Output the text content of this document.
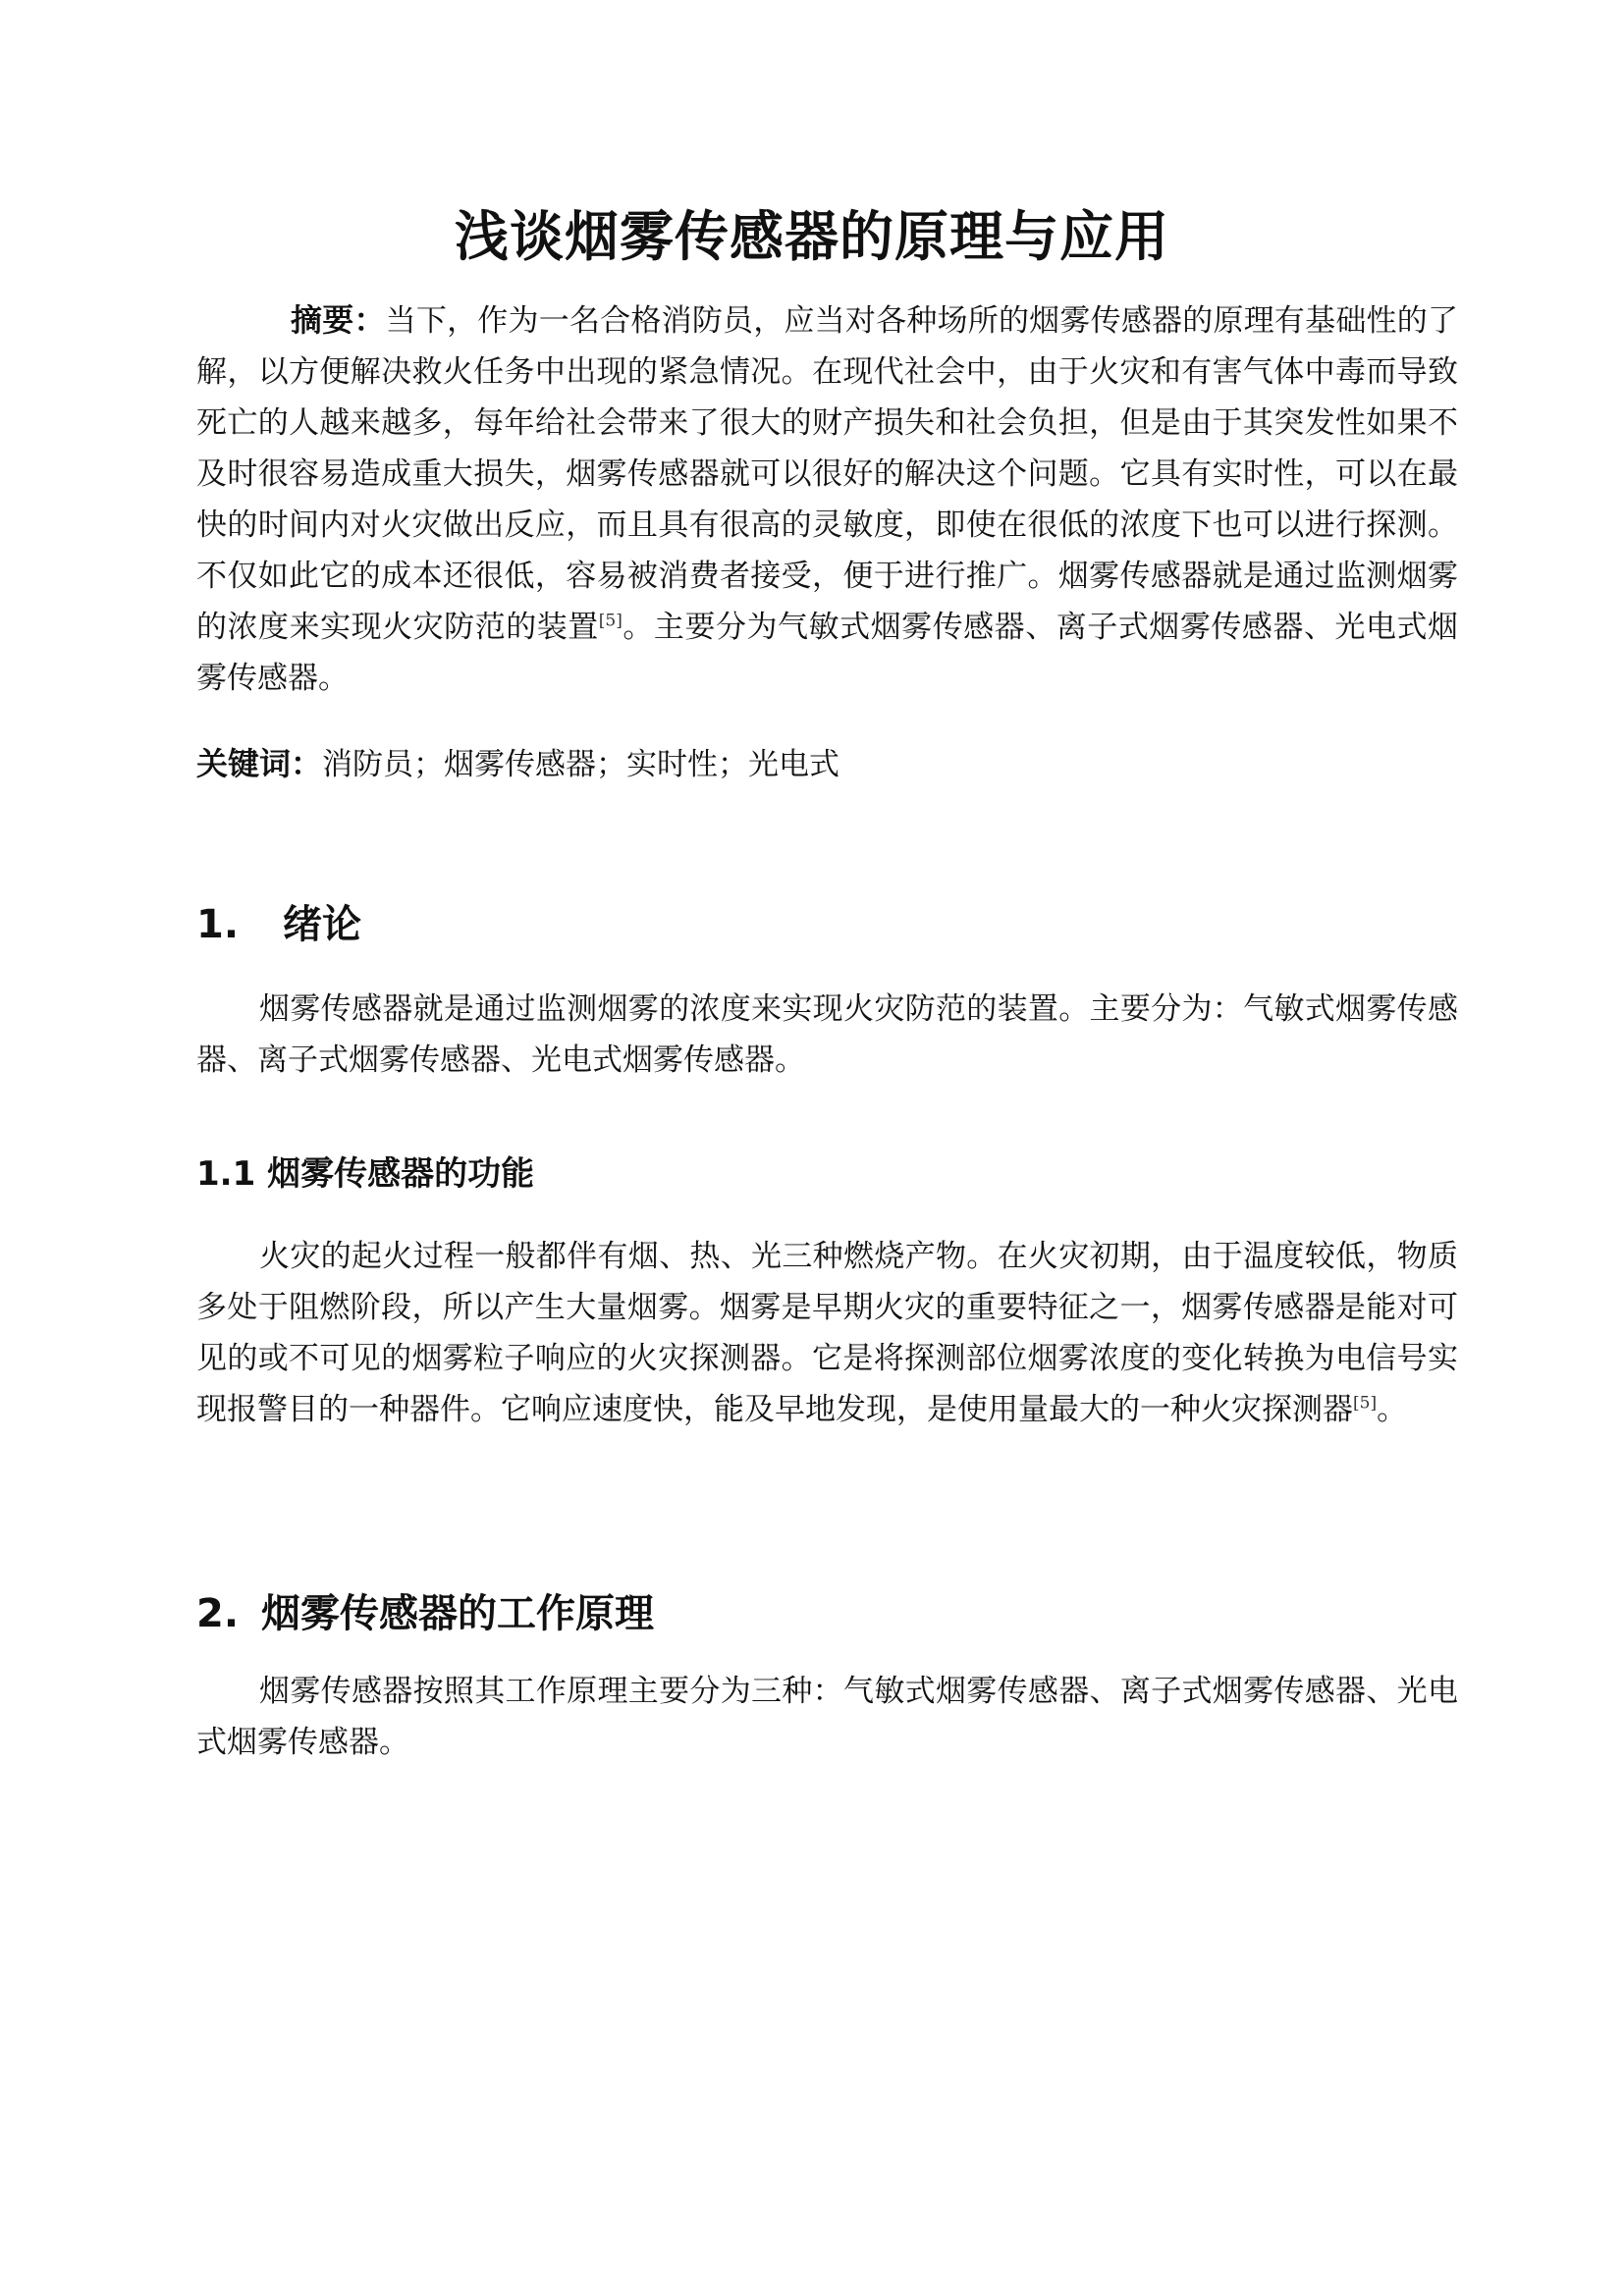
浅谈烟雾传感器的原理与应用

摘要：当下，作为一名合格消防员，应当对各种场所的烟雾传感器的原理有基础性的了解，以方便解决救火任务中出现的紧急情况。在现代社会中，由于火灾和有害气体中毒而导致死亡的人越来越多，每年给社会带来了很大的财产损失和社会负担，但是由于其突发性如果不及时很容易造成重大损失，烟雾传感器就可以很好的解决这个问题。它具有实时性，可以在最快的时间内对火灾做出反应，而且具有很高的灵敏度，即使在很低的浓度下也可以进行探测。不仅如此它的成本还很低，容易被消费者接受，便于进行推广。烟雾传感器就是通过监测烟雾的浓度来实现火灾防范的装置[5]。主要分为气敏式烟雾传感器、离子式烟雾传感器、光电式烟雾传感器。

关键词：消防员；烟雾传感器；实时性；光电式

1. 绪论

烟雾传感器就是通过监测烟雾的浓度来实现火灾防范的装置。主要分为：气敏式烟雾传感器、离子式烟雾传感器、光电式烟雾传感器。

1.1 烟雾传感器的功能

火灾的起火过程一般都伴有烟、热、光三种燃烧产物。在火灾初期，由于温度较低，物质多处于阻燃阶段，所以产生大量烟雾。烟雾是早期火灾的重要特征之一，烟雾传感器是能对可见的或不可见的烟雾粒子响应的火灾探测器。它是将探测部位烟雾浓度的变化转换为电信号实现报警目的一种器件。它响应速度快，能及早地发现，是使用量最大的一种火灾探测器[5]。

2. 烟雾传感器的工作原理

烟雾传感器按照其工作原理主要分为三种：气敏式烟雾传感器、离子式烟雾传感器、光电式烟雾传感器。
